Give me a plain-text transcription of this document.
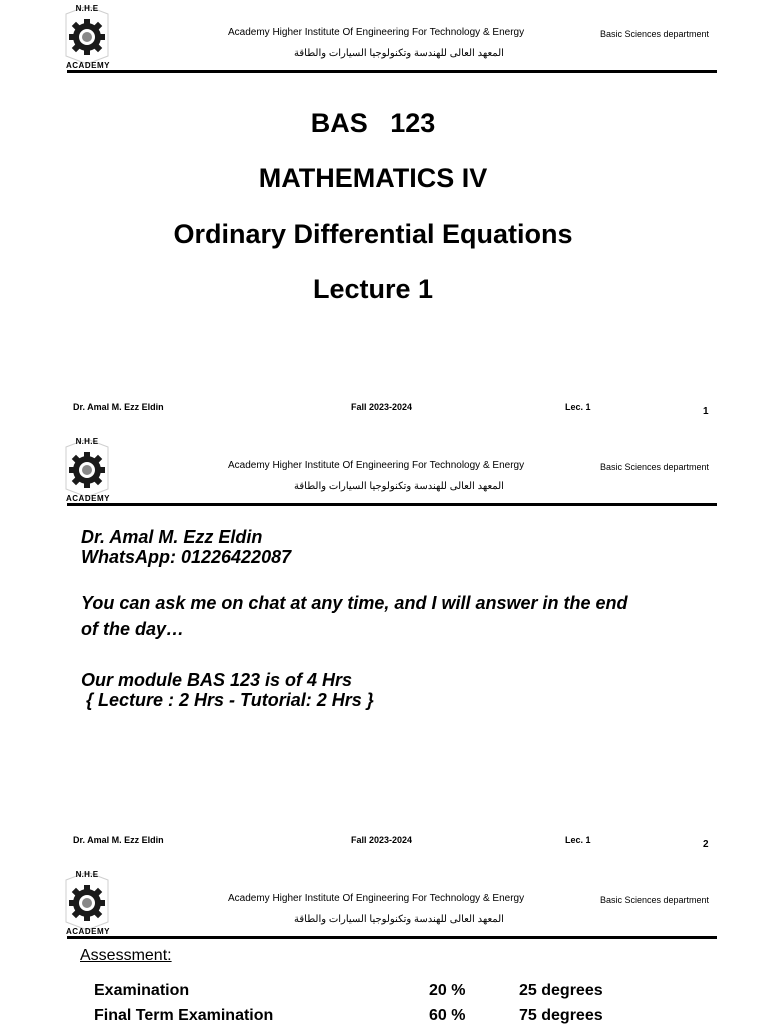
N.H.E
ACADEMY
Academy Higher Institute Of Engineering For Technology & Energy
المعهد العالى للهندسة وتكنولوجيا السيارات والطاقة
Basic Sciences department
BAS   123
MATHEMATICS IV
Ordinary Differential Equations
Lecture 1
Dr. Amal M. Ezz Eldin	Fall 2023-2024	Lec. 1	1
N.H.E
ACADEMY
Academy Higher Institute Of Engineering For Technology & Energy
المعهد العالى للهندسة وتكنولوجيا السيارات والطاقة
Basic Sciences department
Dr. Amal M. Ezz Eldin
WhatsApp: 01226422087
You can ask me on chat at any time, and I will answer in the end
of the day…
Our module BAS 123 is of 4 Hrs
{ Lecture : 2 Hrs - Tutorial: 2 Hrs }
Dr. Amal M. Ezz Eldin	Fall 2023-2024	Lec. 1	2
N.H.E
ACADEMY
Academy Higher Institute Of Engineering For Technology & Energy
المعهد العالى للهندسة وتكنولوجيا السيارات والطاقة
Basic Sciences department
Assessment:
Examination	20 %	25 degrees
Final Term Examination	60 %	75 degrees
